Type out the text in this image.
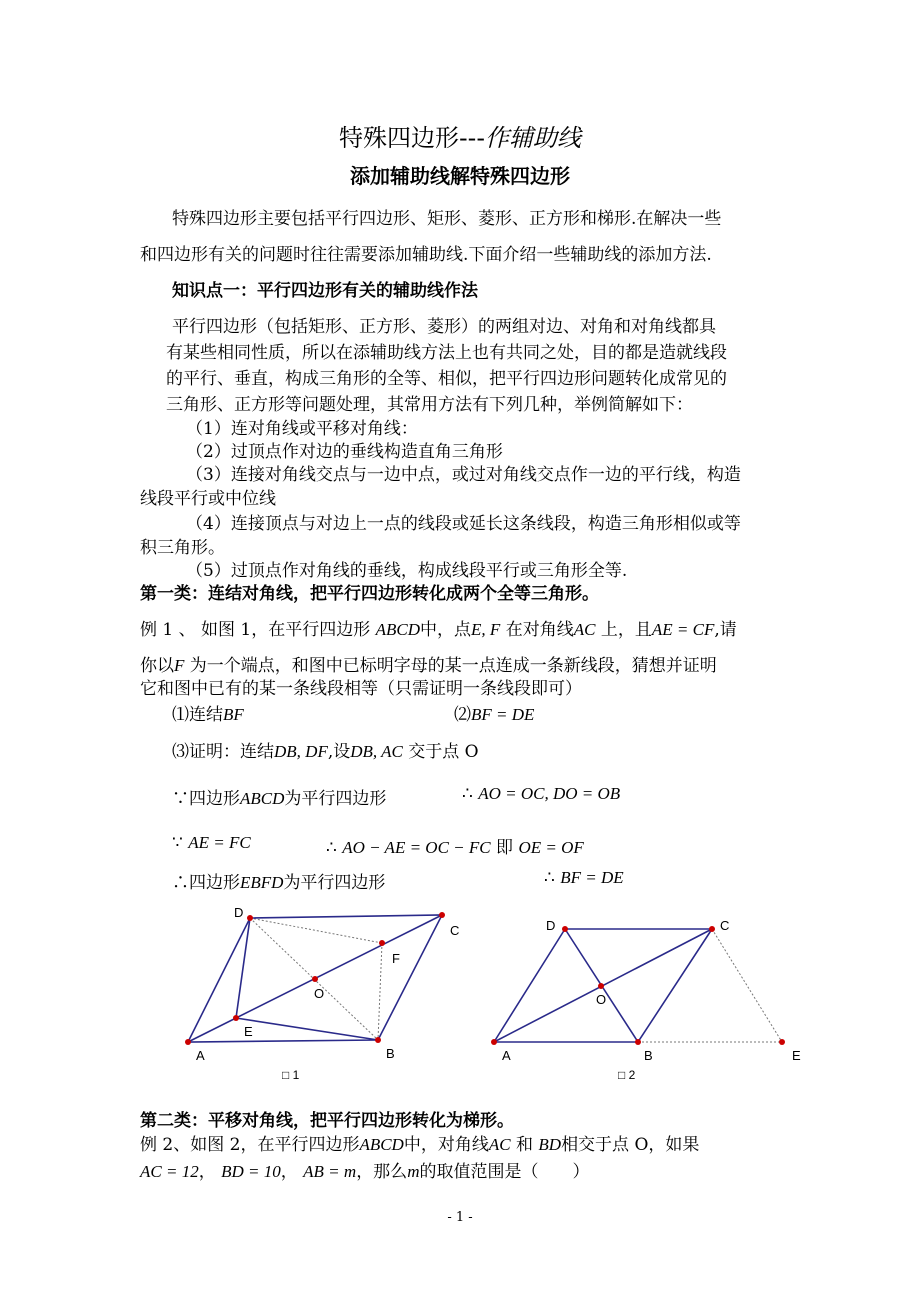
特殊四边形---作辅助线
添加辅助线解特殊四边形
特殊四边形主要包括平行四边形、矩形、菱形、正方形和梯形.在解决一些
和四边形有关的问题时往往需要添加辅助线.下面介绍一些辅助线的添加方法.
知识点一：平行四边形有关的辅助线作法
平行四边形（包括矩形、正方形、菱形）的两组对边、对角和对角线都具
有某些相同性质，所以在添辅助线方法上也有共同之处，目的都是造就线段
的平行、垂直，构成三角形的全等、相似，把平行四边形问题转化成常见的
三角形、正方形等问题处理，其常用方法有下列几种，举例简解如下：
（1）连对角线或平移对角线：
（2）过顶点作对边的垂线构造直角三角形
（3）连接对角线交点与一边中点，或过对角线交点作一边的平行线，构造
线段平行或中位线
（4）连接顶点与对边上一点的线段或延长这条线段，构造三角形相似或等
积三角形。
（5）过顶点作对角线的垂线，构成线段平行或三角形全等.
第一类：连结对角线，把平行四边形转化成两个全等三角形。
例 1 、 如图 1，在平行四边形 ABCD中，点E, F 在对角线AC 上，且AE = CF,请
你以F 为一个端点，和图中已标明字母的某一点连成一条新线段，猜想并证明
它和图中已有的某一条线段相等（只需证明一条线段即可）
⑴连结BF	⑵BF = DE
⑶证明：连结DB, DF,设DB, AC 交于点 O
∵四边形ABCD为平行四边形	∴ AO = OC, DO = OB
∵ AE = FC	∴ AO − AE = OC − FC 即 OE = OF
∴四边形EBFD为平行四边形	∴ BF = DE
D
C
F
O
E
A	B
□ 1
D	C
O
A	B	E
□ 2
第二类：平移对角线，把平行四边形转化为梯形。
例 2、如图 2，在平行四边形ABCD中，对角线AC 和 BD相交于点 O，如果
AC = 12， BD = 10， AB = m，那么m的取值范围是（　　）
- 1 -
